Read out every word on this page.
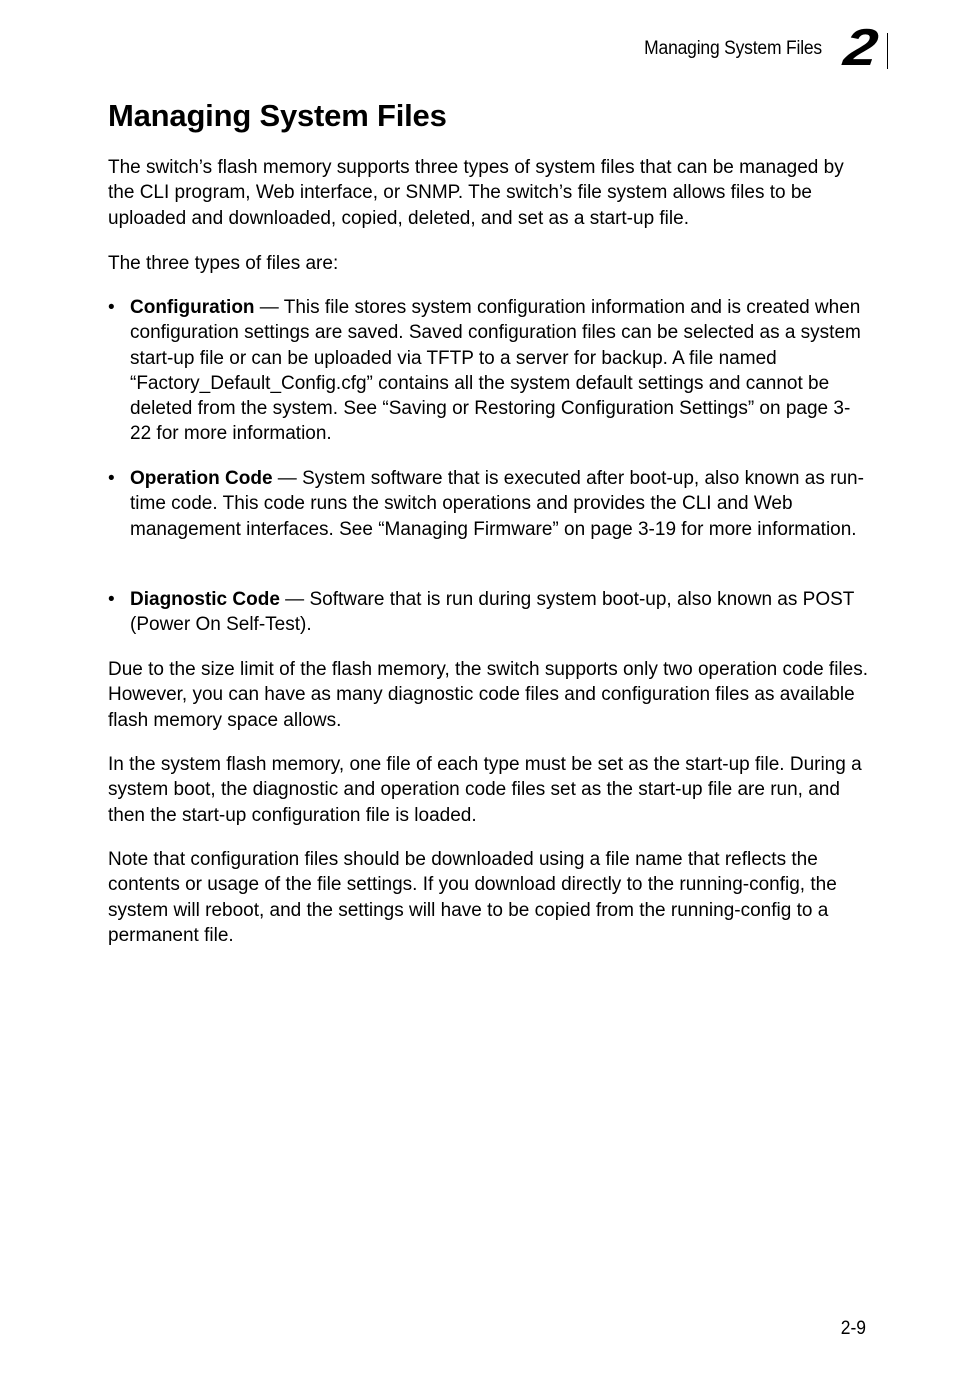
Managing System Files 2
Managing System Files

The switch’s flash memory supports three types of system files that can be managed by the CLI program, Web interface, or SNMP. The switch’s file system allows files to be uploaded and downloaded, copied, deleted, and set as a start-up file.

The three types of files are:

• Configuration — This file stores system configuration information and is created when configuration settings are saved. Saved configuration files can be selected as a system start-up file or can be uploaded via TFTP to a server for backup. A file named “Factory_Default_Config.cfg” contains all the system default settings and cannot be deleted from the system. See “Saving or Restoring Configuration Settings” on page 3-22 for more information.
• Operation Code — System software that is executed after boot-up, also known as run-time code. This code runs the switch operations and provides the CLI and Web management interfaces. See “Managing Firmware” on page 3-19 for more information.
• Diagnostic Code — Software that is run during system boot-up, also known as POST (Power On Self-Test).

Due to the size limit of the flash memory, the switch supports only two operation code files. However, you can have as many diagnostic code files and configuration files as available flash memory space allows.

In the system flash memory, one file of each type must be set as the start-up file. During a system boot, the diagnostic and operation code files set as the start-up file are run, and then the start-up configuration file is loaded.

Note that configuration files should be downloaded using a file name that reflects the contents or usage of the file settings. If you download directly to the running-config, the system will reboot, and the settings will have to be copied from the running-config to a permanent file.

2-9
